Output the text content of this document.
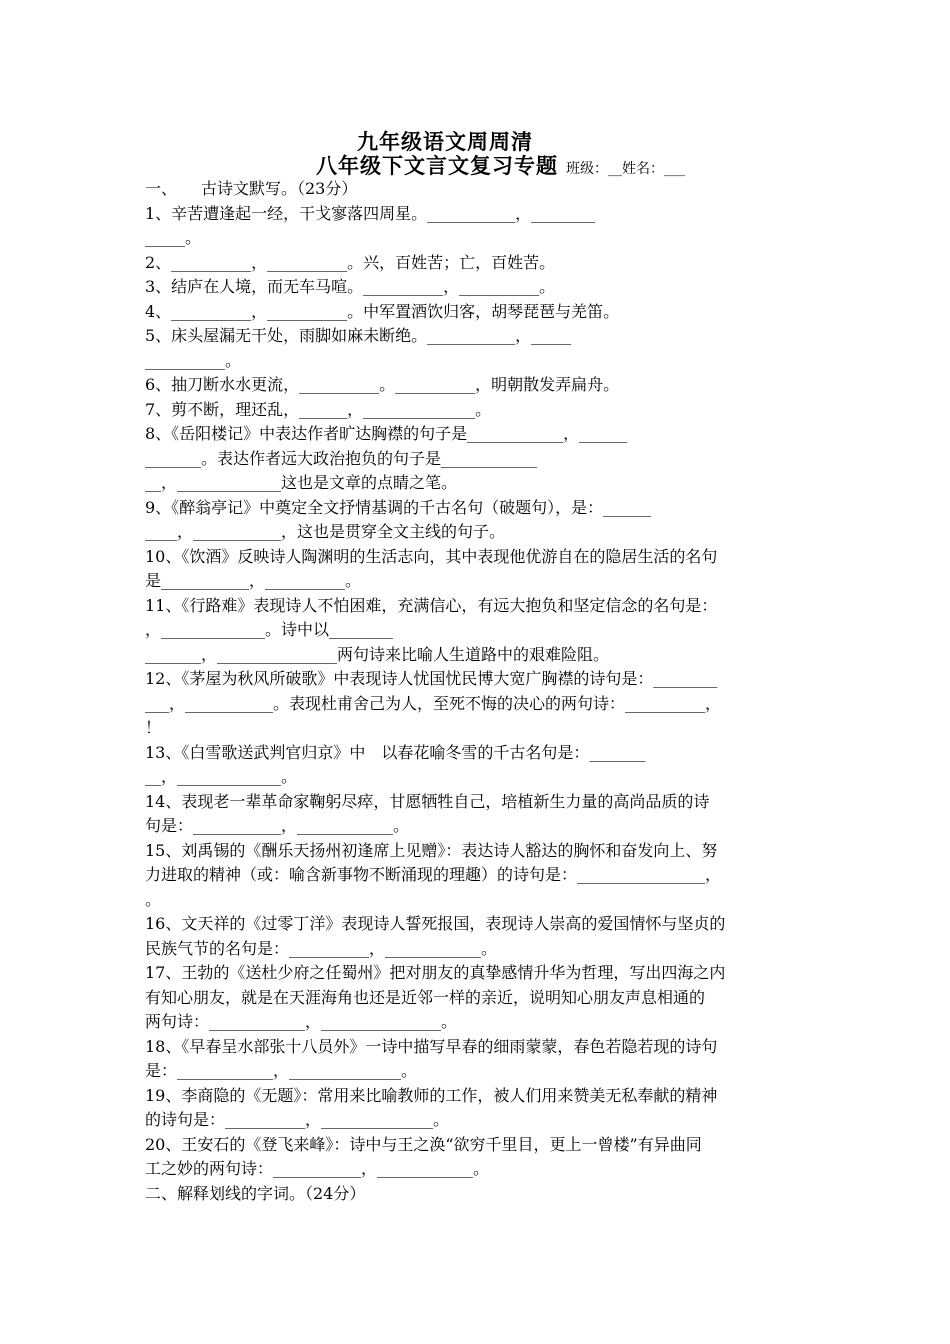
九年级语文周周清
八年级下文言文复习专题 班级：__姓名：___
一、　　古诗文默写。（23分）
1、辛苦遭逢起一经，干戈寥落四周星。___________，________
_____。
2、__________，__________。兴，百姓苦；亡，百姓苦。
3、结庐在人境，而无车马喧。__________，__________。
4、__________，__________。中军置酒饮归客，胡琴琵琶与羌笛。
5、床头屋漏无干处，雨脚如麻未断绝。___________，_____
__________。
6、抽刀断水水更流，__________。__________，明朝散发弄扁舟。
7、剪不断，理还乱，______，______________。
8、《岳阳楼记》中表达作者旷达胸襟的句子是____________，______
_______。表达作者远大政治抱负的句子是____________
__，_____________这也是文章的点睛之笔。
9、《醉翁亭记》中奠定全文抒情基调的千古名句（破题句），是：______
____，___________，这也是贯穿全文主线的句子。
10、《饮酒》反映诗人陶渊明的生活志向，其中表现他优游自在的隐居生活的名句
是___________，__________。
11、《行路难》表现诗人不怕困难，充满信心，有远大抱负和坚定信念的名句是：
，_____________。诗中以________
_______，_______________两句诗来比喻人生道路中的艰难险阻。
12、《茅屋为秋风所破歌》中表现诗人忧国忧民博大宽广胸襟的诗句是：________
___，___________。表现杜甫舍己为人，至死不悔的决心的两句诗：__________，
！
13、《白雪歌送武判官归京》中　以春花喻冬雪的千古名句是：_______
__，_____________。
14、表现老一辈革命家鞠躬尽瘁，甘愿牺牲自己，培植新生力量的高尚品质的诗
句是：___________，____________。
15、刘禹锡的《酬乐天扬州初逢席上见赠》：表达诗人豁达的胸怀和奋发向上、努
力进取的精神（或：喻含新事物不断涌现的理趣）的诗句是：________________，
。
16、文天祥的《过零丁洋》表现诗人誓死报国，表现诗人崇高的爱国情怀与坚贞的
民族气节的名句是：__________，____________。
17、王勃的《送杜少府之任蜀州》把对朋友的真挚感情升华为哲理，写出四海之内
有知心朋友，就是在天涯海角也还是近邻一样的亲近，说明知心朋友声息相通的
两句诗：____________，_______________。
18、《早春呈水部张十八员外》一诗中描写早春的细雨蒙蒙，春色若隐若现的诗句
是：____________，______________。
19、李商隐的《无题》：常用来比喻教师的工作，被人们用来赞美无私奉献的精神
的诗句是：__________，______________。
20、王安石的《登飞来峰》：诗中与王之涣“欲穷千里目，更上一曾楼”有异曲同
工之妙的两句诗：___________，____________。
二、解释划线的字词。（24分）
